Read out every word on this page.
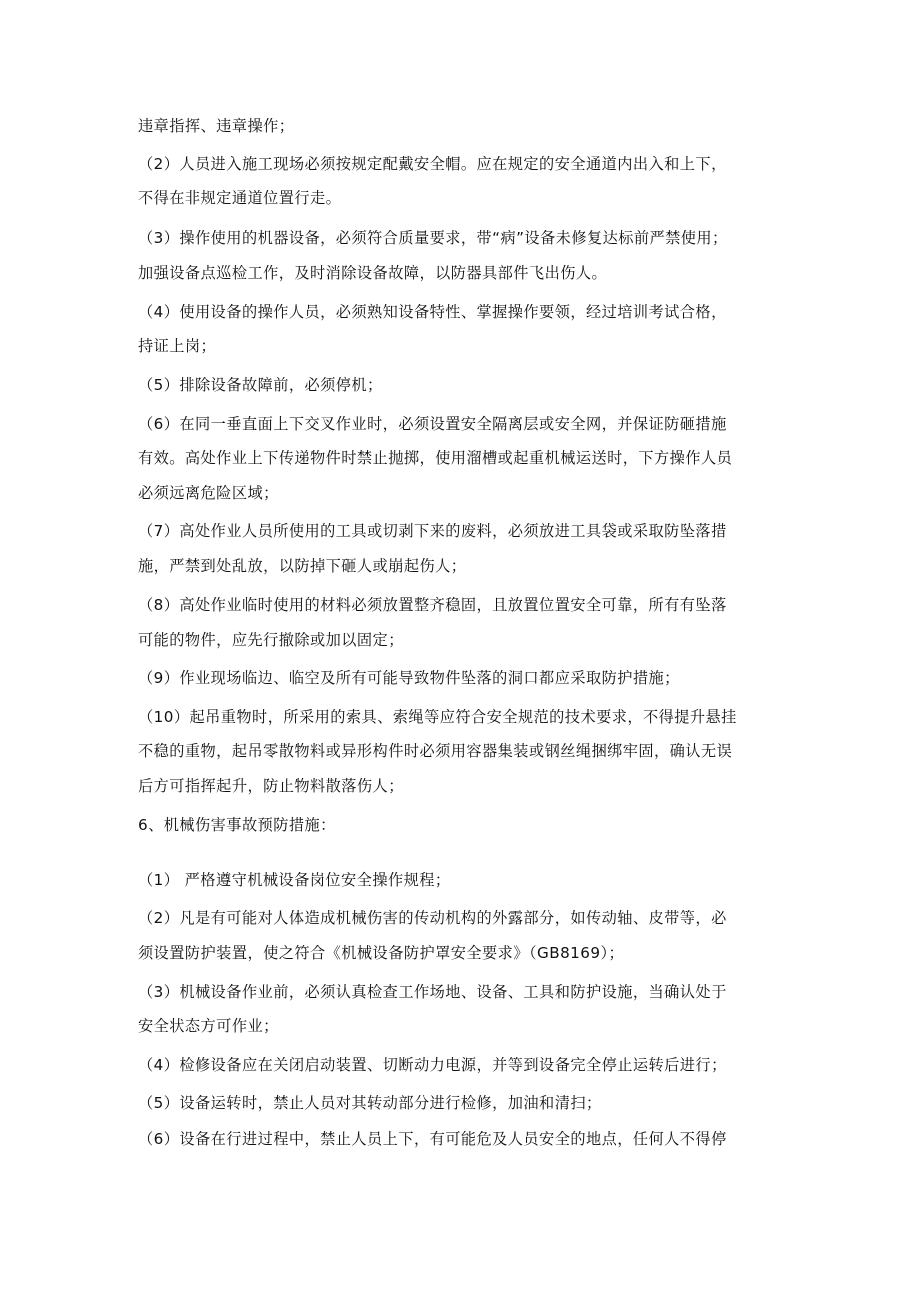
违章指挥、违章操作；
（2）人员进入施工现场必须按规定配戴安全帽。应在规定的安全通道内出入和上下，
不得在非规定通道位置行走。
（3）操作使用的机器设备，必须符合质量要求，带“病”设备未修复达标前严禁使用；
加强设备点巡检工作，及时消除设备故障，以防器具部件飞出伤人。
（4）使用设备的操作人员，必须熟知设备特性、掌握操作要领，经过培训考试合格，
持证上岗；
（5）排除设备故障前，必须停机；
（6）在同一垂直面上下交叉作业时，必须设置安全隔离层或安全网，并保证防砸措施
有效。高处作业上下传递物件时禁止抛掷，使用溜槽或起重机械运送时，下方操作人员
必须远离危险区域；
（7）高处作业人员所使用的工具或切剥下来的废料，必须放进工具袋或采取防坠落措
施，严禁到处乱放，以防掉下砸人或崩起伤人；
（8）高处作业临时使用的材料必须放置整齐稳固，且放置位置安全可靠，所有有坠落
可能的物件，应先行撤除或加以固定；
（9）作业现场临边、临空及所有可能导致物件坠落的洞口都应采取防护措施；
（10）起吊重物时，所采用的索具、索绳等应符合安全规范的技术要求，不得提升悬挂
不稳的重物，起吊零散物料或异形构件时必须用容器集装或钢丝绳捆绑牢固，确认无误
后方可指挥起升，防止物料散落伤人；
6、机械伤害事故预防措施：
（1） 严格遵守机械设备岗位安全操作规程；
（2）凡是有可能对人体造成机械伤害的传动机构的外露部分，如传动轴、皮带等，必
须设置防护装置，使之符合《机械设备防护罩安全要求》（GB8169）；
（3）机械设备作业前，必须认真检查工作场地、设备、工具和防护设施，当确认处于
安全状态方可作业；
（4）检修设备应在关闭启动装置、切断动力电源，并等到设备完全停止运转后进行；
（5）设备运转时，禁止人员对其转动部分进行检修，加油和清扫；
（6）设备在行进过程中，禁止人员上下，有可能危及人员安全的地点，任何人不得停
